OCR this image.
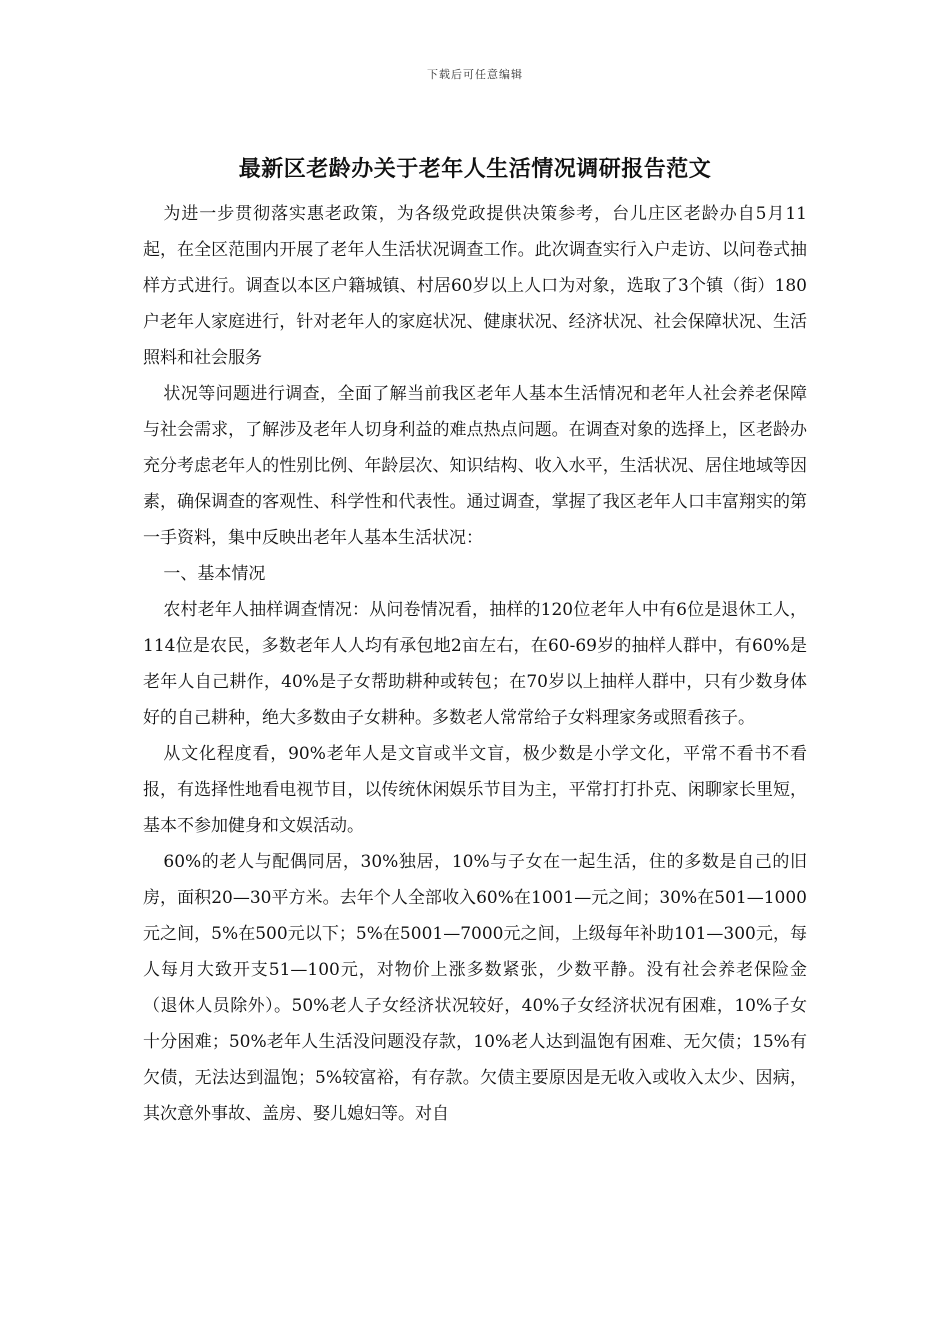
下载后可任意编辑
最新区老龄办关于老年人生活情况调研报告范文

为进一步贯彻落实惠老政策，为各级党政提供决策参考，台儿庄区老龄办自5月11起，在全区范围内开展了老年人生活状况调查工作。此次调查实行入户走访、以问卷式抽样方式进行。调查以本区户籍城镇、村居60岁以上人口为对象，选取了3个镇（街）180户老年人家庭进行，针对老年人的家庭状况、健康状况、经济状况、社会保障状况、生活照料和社会服务

状况等问题进行调查，全面了解当前我区老年人基本生活情况和老年人社会养老保障与社会需求，了解涉及老年人切身利益的难点热点问题。在调查对象的选择上，区老龄办充分考虑老年人的性别比例、年龄层次、知识结构、收入水平，生活状况、居住地域等因素，确保调查的客观性、科学性和代表性。通过调查，掌握了我区老年人口丰富翔实的第一手资料，集中反映出老年人基本生活状况：

一、基本情况

农村老年人抽样调查情况：从问卷情况看，抽样的120位老年人中有6位是退休工人，114位是农民，多数老年人人均有承包地2亩左右，在60-69岁的抽样人群中，有60%是老年人自己耕作，40%是子女帮助耕种或转包；在70岁以上抽样人群中，只有少数身体好的自己耕种，绝大多数由子女耕种。多数老人常常给子女料理家务或照看孩子。

从文化程度看，90%老年人是文盲或半文盲，极少数是小学文化，平常不看书不看报，有选择性地看电视节目，以传统休闲娱乐节目为主，平常打打扑克、闲聊家长里短，基本不参加健身和文娱活动。

60%的老人与配偶同居，30%独居，10%与子女在一起生活，住的多数是自己的旧房，面积20—30平方米。去年个人全部收入60%在1001—元之间；30%在501—1000元之间，5%在500元以下；5%在5001—7000元之间，上级每年补助101—300元，每人每月大致开支51—100元，对物价上涨多数紧张，少数平静。没有社会养老保险金（退休人员除外）。50%老人子女经济状况较好，40%子女经济状况有困难，10%子女十分困难；50%老年人生活没问题没存款，10%老人达到温饱有困难、无欠债；15%有欠债，无法达到温饱；5%较富裕，有存款。欠债主要原因是无收入或收入太少、因病，其次意外事故、盖房、娶儿媳妇等。对自
